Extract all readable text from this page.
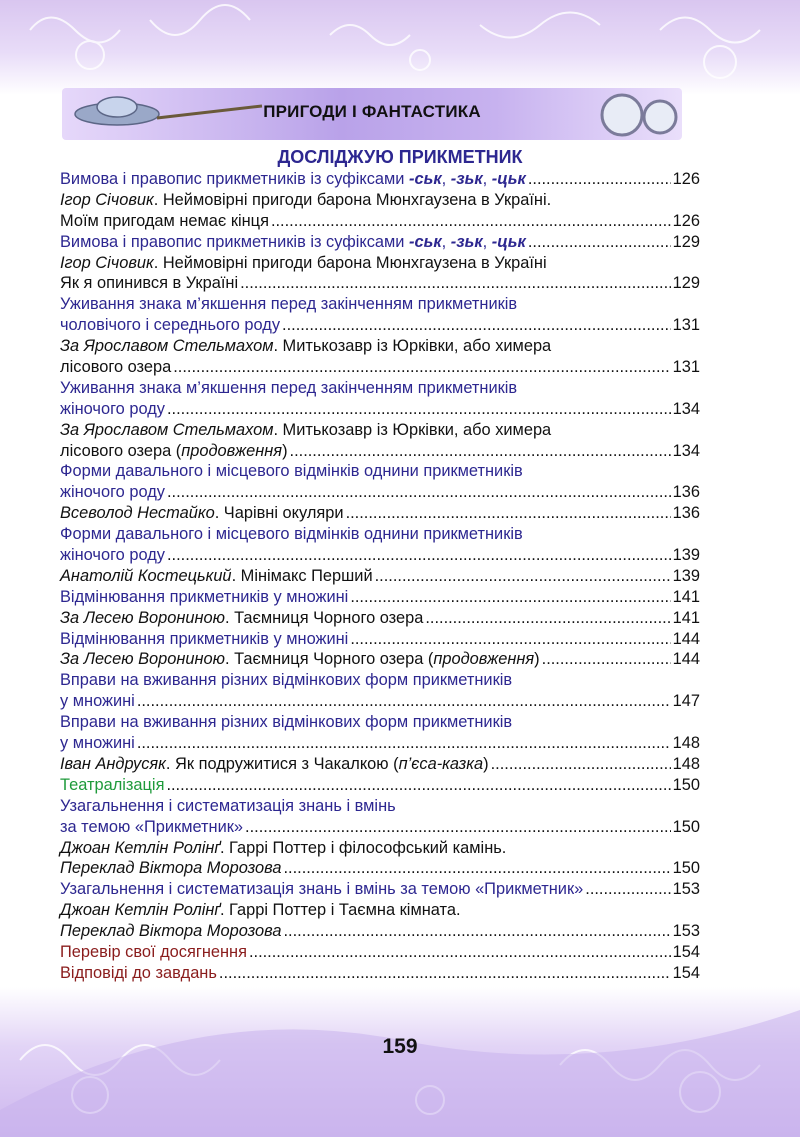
ПРИГОДИ І ФАНТАСТИКА
ДОСЛІДЖУЮ ПРИКМЕТНИК
Вимова і правопис прикметників із суфіксами -ськ, -зьк, -цьк .....	126
Ігор Січовик. Неймовірні пригоди барона Мюнхгаузена в Україні.
Моїм пригодам немає кінця .....	126
Вимова і правопис прикметників із суфіксами -ськ, -зьк, -цьк .....	129
Ігор Січовик. Неймовірні пригоди барона Мюнхгаузена в Україні
Як я опинився в Україні .....	129
Уживання знака м’якшення перед закінченням прикметників
чоловічого і середнього роду .....	131
За Ярославом Стельмахом. Митькозавр із Юрківки, або химера
лісового озера .....	131
Уживання знака м’якшення перед закінченням прикметників
жіночого роду .....	134
За Ярославом Стельмахом. Митькозавр із Юрківки, або химера
лісового озера (продовження) .....	134
Форми давального і місцевого відмінків однини прикметників
жіночого роду .....	136
Всеволод Нестайко. Чарівні окуляри .....	136
Форми давального і місцевого відмінків однини прикметників
жіночого роду .....	139
Анатолій Костецький. Мінімакс Перший .....	139
Відмінювання прикметників у множині .....	141
За Лесею Ворониною. Таємниця Чорного озера .....	141
Відмінювання прикметників у множині .....	144
За Лесею Ворониною. Таємниця Чорного озера (продовження) .....	144
Вправи на вживання різних відмінкових форм прикметників
у множині .....	147
Вправи на вживання різних відмінкових форм прикметників
у множині .....	148
Іван Андрусяк. Як подружитися з Чакалкою (п’єса-казка) .....	148
Театралізація .....	150
Узагальнення і систематизація знань і вмінь
за темою «Прикметник» .....	150
Джоан Кетлін Ролінґ. Гаррі Поттер і філософський камінь.
Переклад Віктора Морозова .....	150
Узагальнення і систематизація знань і вмінь за темою «Прикметник» .....	153
Джоан Кетлін Ролінґ. Гаррі Поттер і Таємна кімната.
Переклад Віктора Морозова .....	153
Перевір свої досягнення .....	154
Відповіді до завдань .....	154
159
